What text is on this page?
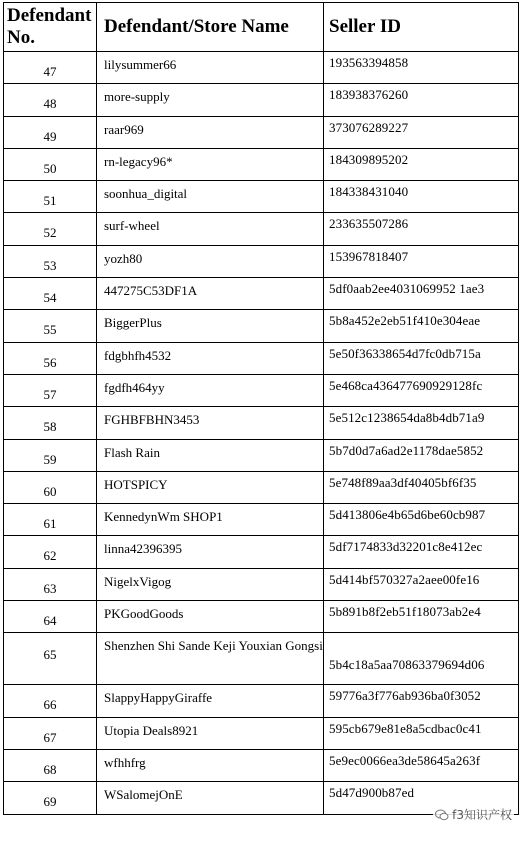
Defendant No.	Defendant/Store Name	Seller ID
47	lilysummer66	193563394858
48	more-supply	183938376260
49	raar969	373076289227
50	rn-legacy96*	184309895202
51	soonhua_digital	184338431040
52	surf-wheel	233635507286
53	yozh80	153967818407
54	447275C53DF1A	5df0aab2ee4031069952 1ae3
55	BiggerPlus	5b8a452e2eb51f410e304eae
56	fdgbhfh4532	5e50f36338654d7fc0db715a
57	fgdfh464yy	5e468ca436477690929128fc
58	FGHBFBHN3453	5e512c1238654da8b4db71a9
59	Flash Rain	5b7d0d7a6ad2e1178dae5852
60	HOTSPICY	5e748f89aa3df40405bf6f35
61	KennedynWm SHOP1	5d413806e4b65d6be60cb987
62	linna42396395	5df7174833d32201c8e412ec
63	NigelxVigog	5d414bf570327a2aee00fe16
64	PKGoodGoods	5b891b8f2eb51f18073ab2e4
65	Shenzhen Shi Sande Keji Youxian Gongsi	5b4c18a5aa70863379694d06
66	SlappyHappyGiraffe	59776a3f776ab936ba0f3052
67	Utopia Deals8921	595cb679e81e8a5cdbac0c41
68	wfhhfrg	5e9ec0066ea3de58645a263f
69	WSalomejOnE	5d47d900b87ed
f3知识产权
